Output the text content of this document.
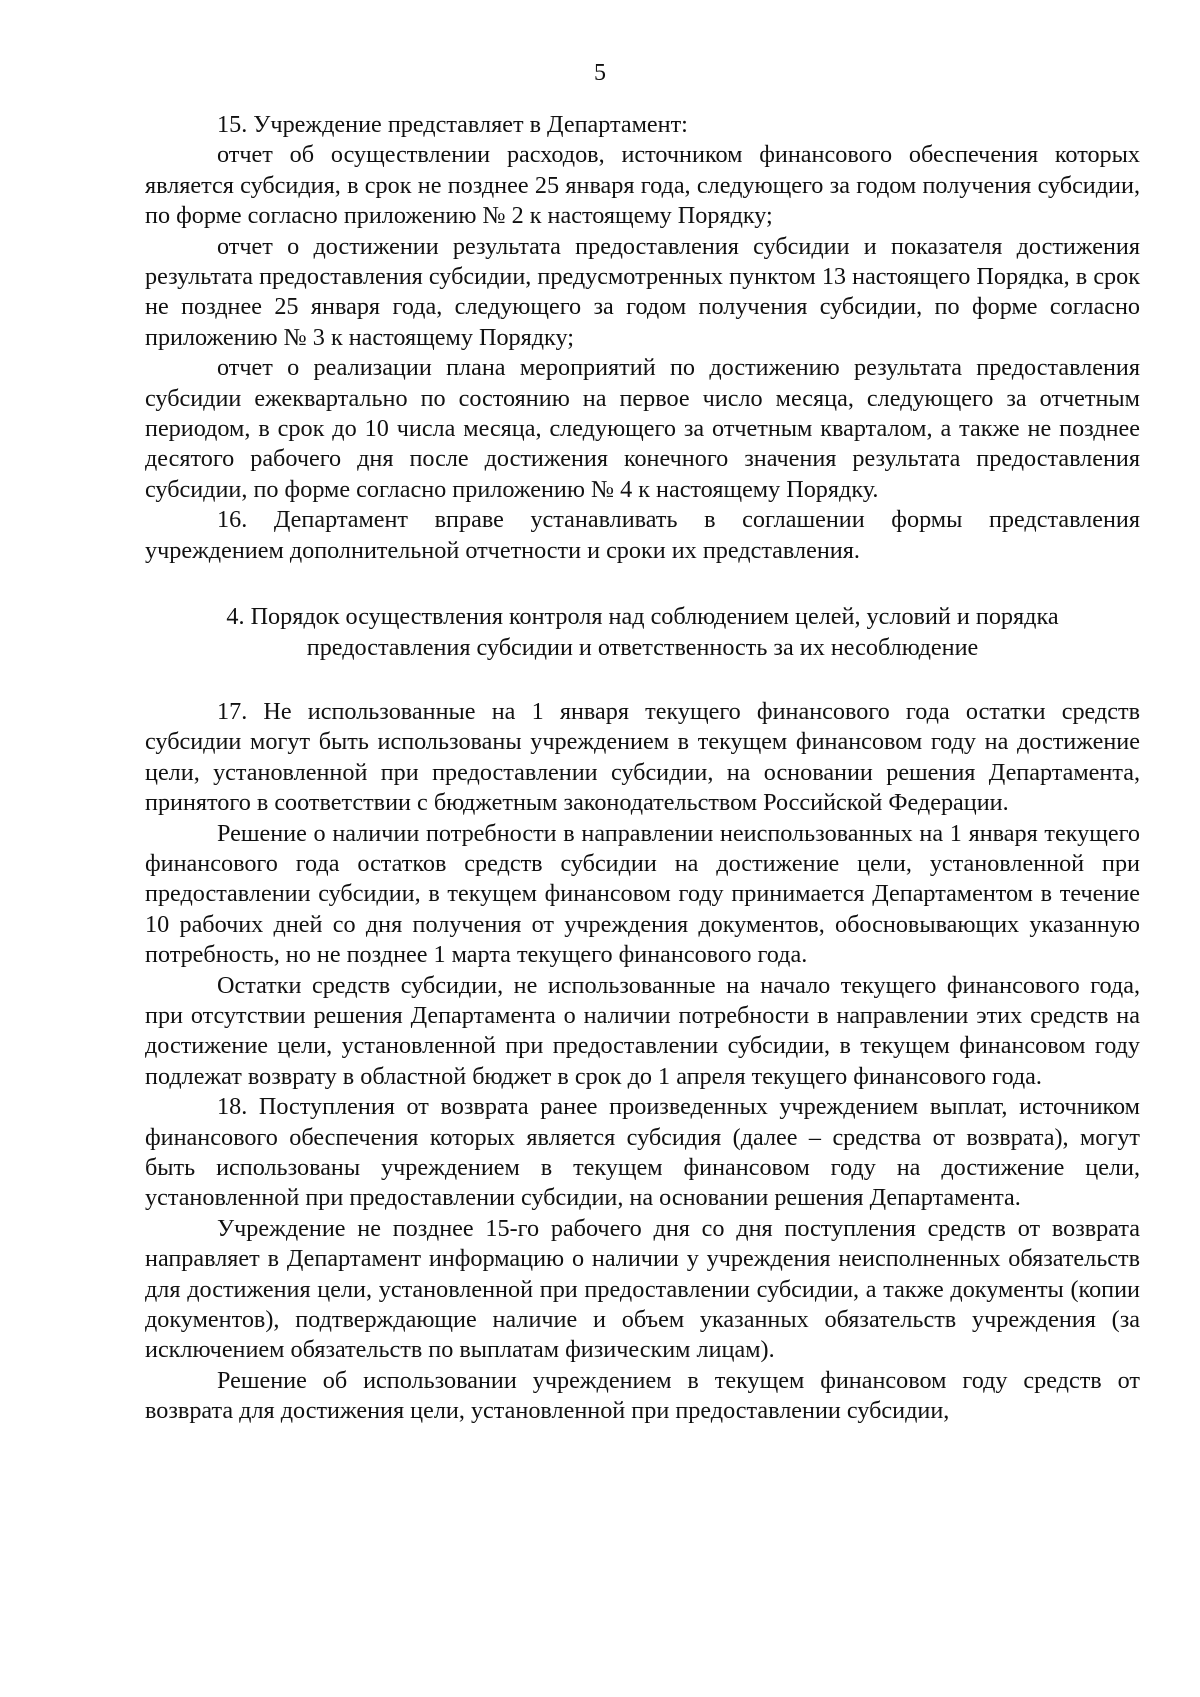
5

15. Учреждение представляет в Департамент:

отчет об осуществлении расходов, источником финансового обеспечения которых является субсидия, в срок не позднее 25 января года, следующего за годом получения субсидии, по форме согласно приложению № 2 к настоящему Порядку;

отчет о достижении результата предоставления субсидии и показателя достижения результата предоставления субсидии, предусмотренных пунктом 13 настоящего Порядка, в срок не позднее 25 января года, следующего за годом получения субсидии, по форме согласно приложению № 3 к настоящему Порядку;

отчет о реализации плана мероприятий по достижению результата предоставления субсидии ежеквартально по состоянию на первое число месяца, следующего за отчетным периодом, в срок до 10 числа месяца, следующего за отчетным кварталом, а также не позднее десятого рабочего дня после достижения конечного значения результата предоставления субсидии, по форме согласно приложению № 4 к настоящему Порядку.

16. Департамент вправе устанавливать в соглашении формы представления учреждением дополнительной отчетности и сроки их представления.

4. Порядок осуществления контроля над соблюдением целей, условий и порядка предоставления субсидии и ответственность за их несоблюдение

17. Не использованные на 1 января текущего финансового года остатки средств субсидии могут быть использованы учреждением в текущем финансовом году на достижение цели, установленной при предоставлении субсидии, на основании решения Департамента, принятого в соответствии с бюджетным законодательством Российской Федерации.

Решение о наличии потребности в направлении неиспользованных на 1 января текущего финансового года остатков средств субсидии на достижение цели, установленной при предоставлении субсидии, в текущем финансовом году принимается Департаментом в течение 10 рабочих дней со дня получения от учреждения документов, обосновывающих указанную потребность, но не позднее 1 марта текущего финансового года.

Остатки средств субсидии, не использованные на начало текущего финансового года, при отсутствии решения Департамента о наличии потребности в направлении этих средств на достижение цели, установленной при предоставлении субсидии, в текущем финансовом году подлежат возврату в областной бюджет в срок до 1 апреля текущего финансового года.

18. Поступления от возврата ранее произведенных учреждением выплат, источником финансового обеспечения которых является субсидия (далее – средства от возврата), могут быть использованы учреждением в текущем финансовом году на достижение цели, установленной при предоставлении субсидии, на основании решения Департамента.

Учреждение не позднее 15-го рабочего дня со дня поступления средств от возврата направляет в Департамент информацию о наличии у учреждения неисполненных обязательств для достижения цели, установленной при предоставлении субсидии, а также документы (копии документов), подтверждающие наличие и объем указанных обязательств учреждения (за исключением обязательств по выплатам физическим лицам).

Решение об использовании учреждением в текущем финансовом году средств от возврата для достижения цели, установленной при предоставлении субсидии,
